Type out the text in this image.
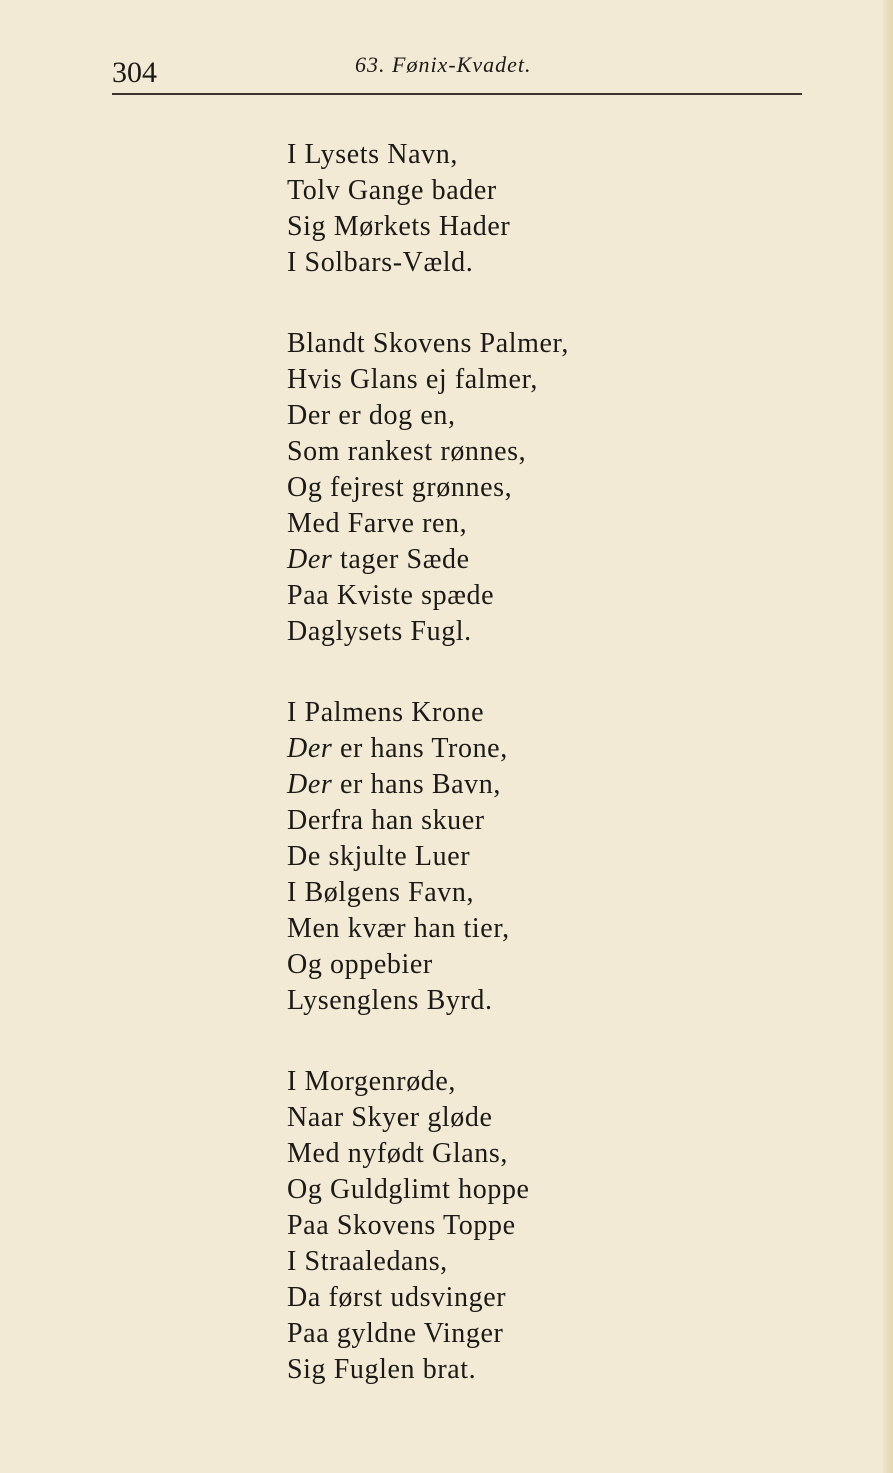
304	63. Fønix-Kvadet.
I Lysets Navn,
Tolv Gange bader
Sig Mørkets Hader
I Solbars-Væld.
Blandt Skovens Palmer,
Hvis Glans ej falmer,
Der er dog en,
Som rankest rønnes,
Og fejrest grønnes,
Med Farve ren,
Der tager Sæde
Paa Kviste spæde
Daglysets Fugl.
I Palmens Krone
Der er hans Trone,
Der er hans Bavn,
Derfra han skuer
De skjulte Luer
I Bølgens Favn,
Men kvær han tier,
Og oppebier
Lysenglens Byrd.
I Morgenrøde,
Naar Skyer gløde
Med nyfødt Glans,
Og Guldglimt hoppe
Paa Skovens Toppe
I Straaledans,
Da først udsvinger
Paa gyldne Vinger
Sig Fuglen brat.
